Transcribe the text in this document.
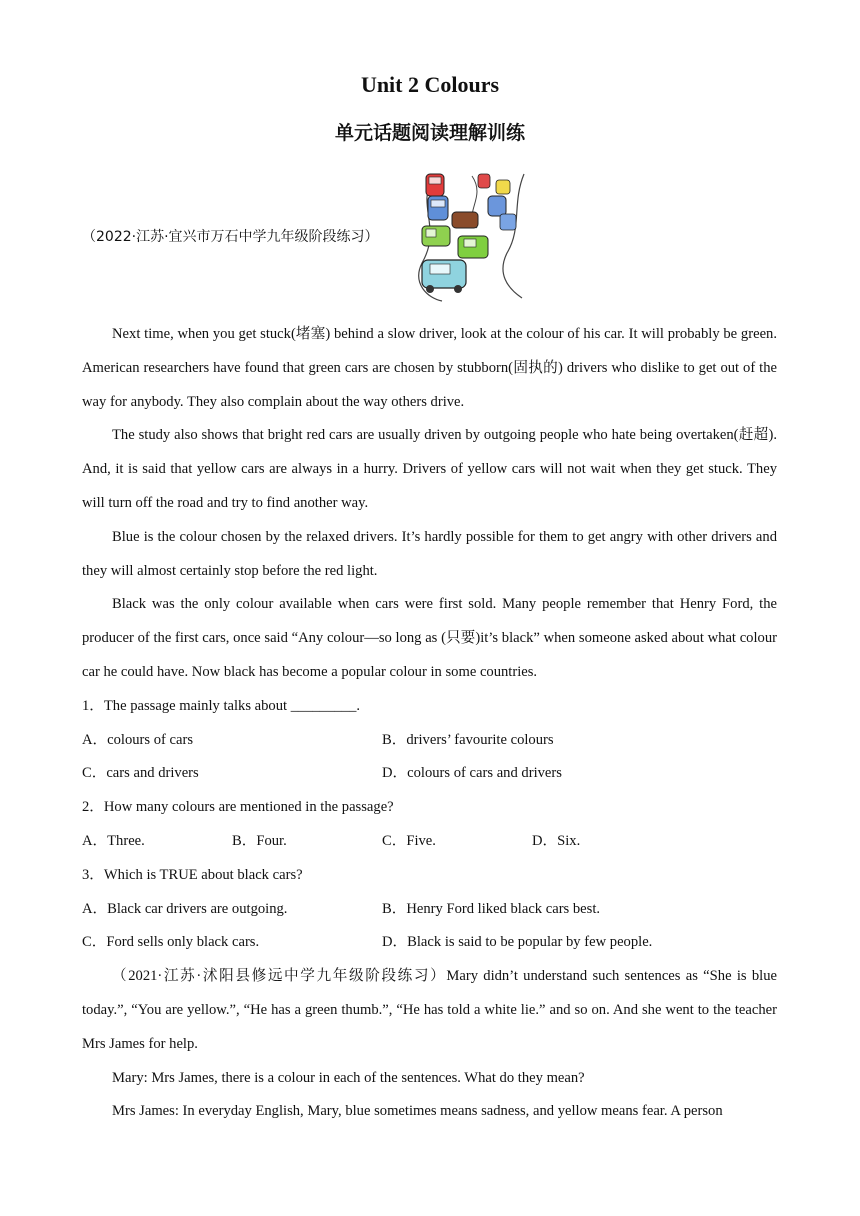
Unit 2 Colours
单元话题阅读理解训练
（2022·江苏·宜兴市万石中学九年级阶段练习）

Next time, when you get stuck(堵塞) behind a slow driver, look at the colour of his car. It will probably be green. American researchers have found that green cars are chosen by stubborn(固执的) drivers who dislike to get out of the way for anybody. They also complain about the way others drive.

The study also shows that bright red cars are usually driven by outgoing people who hate being overtaken(赶超). And, it is said that yellow cars are always in a hurry. Drivers of yellow cars will not wait when they get stuck. They will turn off the road and try to find another way.

Blue is the colour chosen by the relaxed drivers. It’s hardly possible for them to get angry with other drivers and they will almost certainly stop before the red light.

Black was the only colour available when cars were first sold. Many people remember that Henry Ford, the producer of the first cars, once said “Any colour—so long as (只要)it’s black” when someone asked about what colour car he could have. Now black has become a popular colour in some countries.

1．The passage mainly talks about _________.

A．colours of cars	B．drivers’ favourite colours
C．cars and drivers	D．colours of cars and drivers

2．How many colours are mentioned in the passage?

A．Three.	B．Four.	C．Five.	D．Six.

3．Which is TRUE about black cars?

A．Black car drivers are outgoing.	B．Henry Ford liked black cars best.
C．Ford sells only black cars.	D．Black is said to be popular by few people.

（2021·江苏·沭阳县修远中学九年级阶段练习）Mary didn’t understand such sentences as “She is blue today.”, “You are yellow.”, “He has a green thumb.”, “He has told a white lie.” and so on. And she went to the teacher Mrs James for help.

Mary: Mrs James, there is a colour in each of the sentences. What do they mean?

Mrs James: In everyday English, Mary, blue sometimes means sadness, and yellow means fear. A person
